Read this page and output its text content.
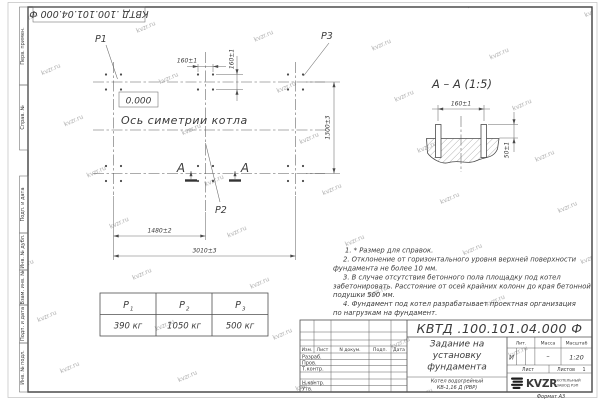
Перв. примен.
Справ. №
Подп. и дата
Инв. № дубл.
Взам. инв. №
Подп. и дата
Инв. № подл.
КВТД .100.101.04.000 Ф
P1	P3
P2
0.000
Ось симетрии котла
А	А
160±1	160±1
1300±3
1480±2
3010±3
А – А (1:5)
160±1
50±1
P 1	P 2	P 3
390 кг	1050 кг	500 кг
1. * Размер для справок.
2. Отклонение от горизонтального уровня верхней поверхности
фундамента не более 10 мм.
3. В случае отсутствия бетонного пола площадку под котел
забетонировать. Расстояние от осей крайних колонн до края бетонной
подушки 500 мм.
4. Фундамент под котел разрабатывает проектная организация
по нагрузкам на фундамент.
КВТД .100.101.04.000 Ф
Изм. Лист N докум.	Подп. Дата
Разраб.
Пров.
Т.контр.
Н.контр.
Утв.
Задание на
установку
фундамента
Котел водогрейный
КВ-1,16 Д (РВР)
Лит.	Масса Масштаб
И	–	1:20
Лист	Листов 1
KVZR КОТЕЛЬНЫЙ
ЗАВОД РЭП
Формат А3
